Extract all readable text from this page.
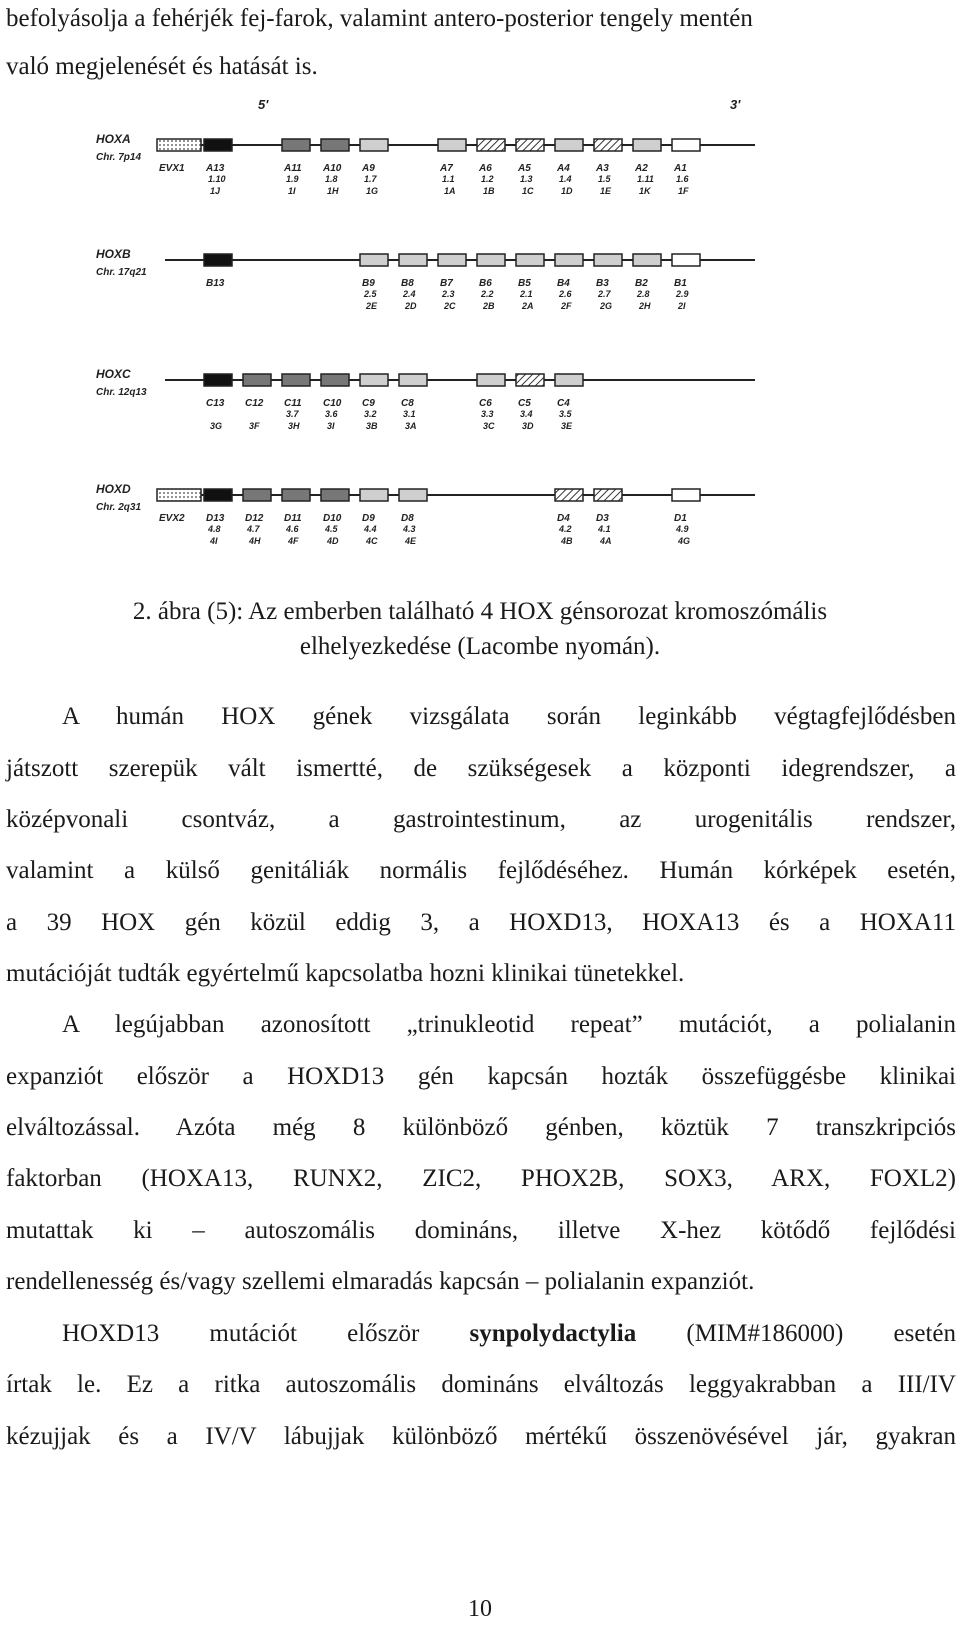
befolyásolja a fehérjék fej-farok, valamint antero-posterior tengely mentén
való megjelenését és hatását is.
5'	3'
HOXA
Chr. 7p14
EVX1 A13
1.10
1J
A11
1.9
1I
A10
1.8
1H
A9
1.7
1G
A7
1.1
1A
A6
1.2
1B
A5
1.3
1C
A4
1.4
1D
A3
1.5
1E
A2
1.11
1K
A1
1.6
1F
HOXB
Chr. 17q21
B13	B9
2.5
2E
B8
2.4
2D
B7
2.3
2C
B6
2.2
2B
B5
2.1
2A
B4
2.6
2F
B3
2.7
2G
B2
2.8
2H
B1
2.9
2I
HOXC
Chr. 12q13
C13
3G
C12
3F
C11
3.7
3H
C10
3.6
3I
C9
3.2
3B
C8
3.1
3A
C6
3.3
3C
C5
3.4
3D
C4
3.5
3E
HOXD
Chr. 2q31
EVX2 D13
4.8
4I
D12
4.7
4H
D11
4.6
4F
D10
4.5
4D
D9
4.4
4C
D8
4.3
4E
D4
4.2
4B
D3
4.1
4A
D1
4.9
4G
2. ábra (5): Az emberben található 4 HOX génsorozat kromoszómális
elhelyezkedése (Lacombe nyomán).
A humán HOX gének vizsgálata során leginkább végtagfejlődésben
játszott szerepük vált ismertté, de szükségesek a központi idegrendszer, a
középvonali csontváz, a gastrointestinum, az urogenitális rendszer,
valamint a külső genitáliák normális fejlődéséhez. Humán kórképek esetén,
a 39 HOX gén közül eddig 3, a HOXD13, HOXA13 és a HOXA11
mutációját tudták egyértelmű kapcsolatba hozni klinikai tünetekkel.
A legújabban azonosított „trinukleotid repeat” mutációt, a polialanin
expanziót először a HOXD13 gén kapcsán hozták összefüggésbe klinikai
elváltozással. Azóta még 8 különböző génben, köztük 7 transzkripciós
faktorban (HOXA13, RUNX2, ZIC2, PHOX2B, SOX3, ARX, FOXL2)
mutattak ki – autoszomális domináns, illetve X-hez kötődő fejlődési
rendellenesség és/vagy szellemi elmaradás kapcsán – polialanin expanziót.
HOXD13 mutációt először synpolydactylia (MIM#186000) esetén
írtak le. Ez a ritka autoszomális domináns elváltozás leggyakrabban a III/IV
kézujjak és a IV/V lábujjak különböző mértékű összenövésével jár, gyakran
10
